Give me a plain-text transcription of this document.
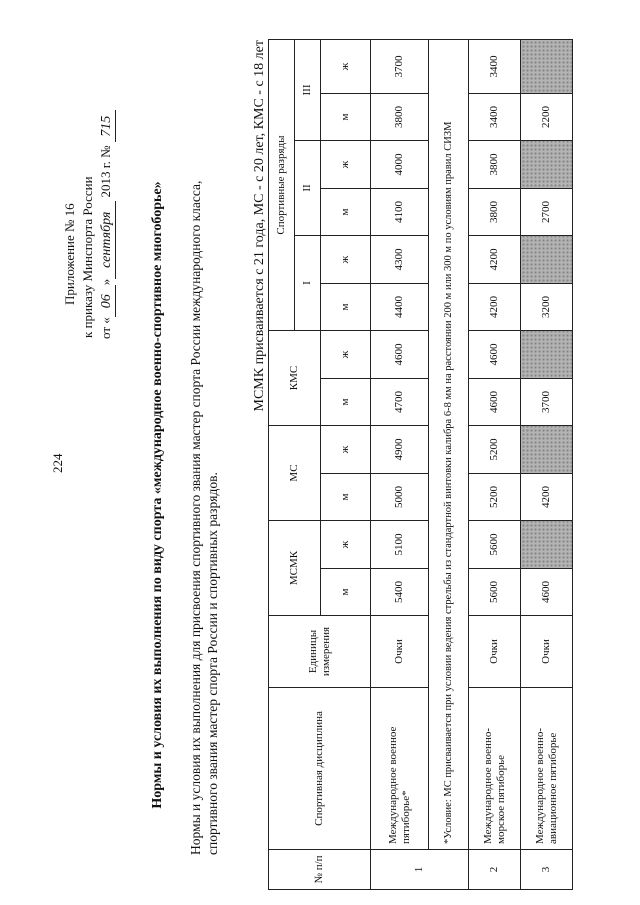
224
Приложение № 16 к приказу Минспорта России от «06»сентября 2013 г. № 715
Нормы и условия их выполнения по виду спорта «международное военно-спортивное многоборье» Нормы и условия их выполнения для присвоения спортивного звания мастер спорта России международного класса, спортивного звания мастер спорта России и спортивных разрядов.
МСМК присваивается с 21 года, МС - с 20 лет, КМС - с 18 лет
№ п/п	Спортивная дисциплина	Единицы измерения	МСМК		МС		КМС		Спортивные разряды					
									I		II		III	
			м	ж	м	ж	м	ж	м	ж	м	ж	м	ж
1	Международное военное пятиборье*	Очки	5400	5100	5000	4900	4700	4600	4400	4300	4100	4000	3800	3700
	*Условие: МС присваивается при условии ведения стрельбы из стандартной винтовки калибра 6-8 мм на расстоянии 200 м или 300 м по условиям правил СИЗМ													
2	Международное военно-морское пятиборье	Очки	5600	5600	5200	5200	4600	4600	4200	4200	3800	3800	3400	3400
3	Международное военно-авиационное пятиборье	Очки	4600		4200		3700		3200		2700		2200	
